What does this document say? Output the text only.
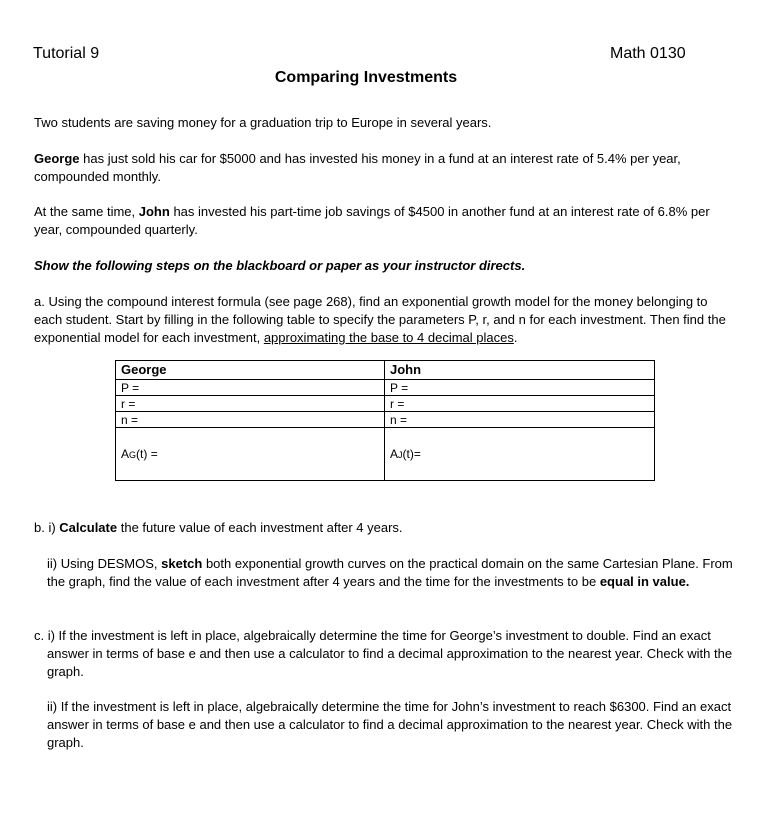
Tutorial 9	Math 0130
Comparing Investments
Two students are saving money for a graduation trip to Europe in several years.
George has just sold his car for $5000 and has invested his money in a fund at an interest rate of 5.4% per year, compounded monthly.
At the same time, John has invested his part-time job savings of $4500 in another fund at an interest rate of 6.8% per year, compounded quarterly.
Show the following steps on the blackboard or paper as your instructor directs.
a. Using the compound interest formula (see page 268), find an exponential growth model for the money belonging to each student. Start by filling in the following table to specify the parameters P, r, and n for each investment. Then find the exponential model for each investment, approximating the base to 4 decimal places.
George	John
P =	P =
r =	r =
n =	n =
AG(t) =	AJ(t)=
b. i) Calculate the future value of each investment after 4 years.
ii) Using DESMOS, sketch both exponential growth curves on the practical domain on the same Cartesian Plane. From the graph, find the value of each investment after 4 years and the time for the investments to be equal in value.
c. i) If the investment is left in place, algebraically determine the time for George’s investment to double. Find an exact answer in terms of base e and then use a calculator to find a decimal approximation to the nearest year. Check with the graph.
ii) If the investment is left in place, algebraically determine the time for John’s investment to reach $6300. Find an exact answer in terms of base e and then use a calculator to find a decimal approximation to the nearest year. Check with the graph.
